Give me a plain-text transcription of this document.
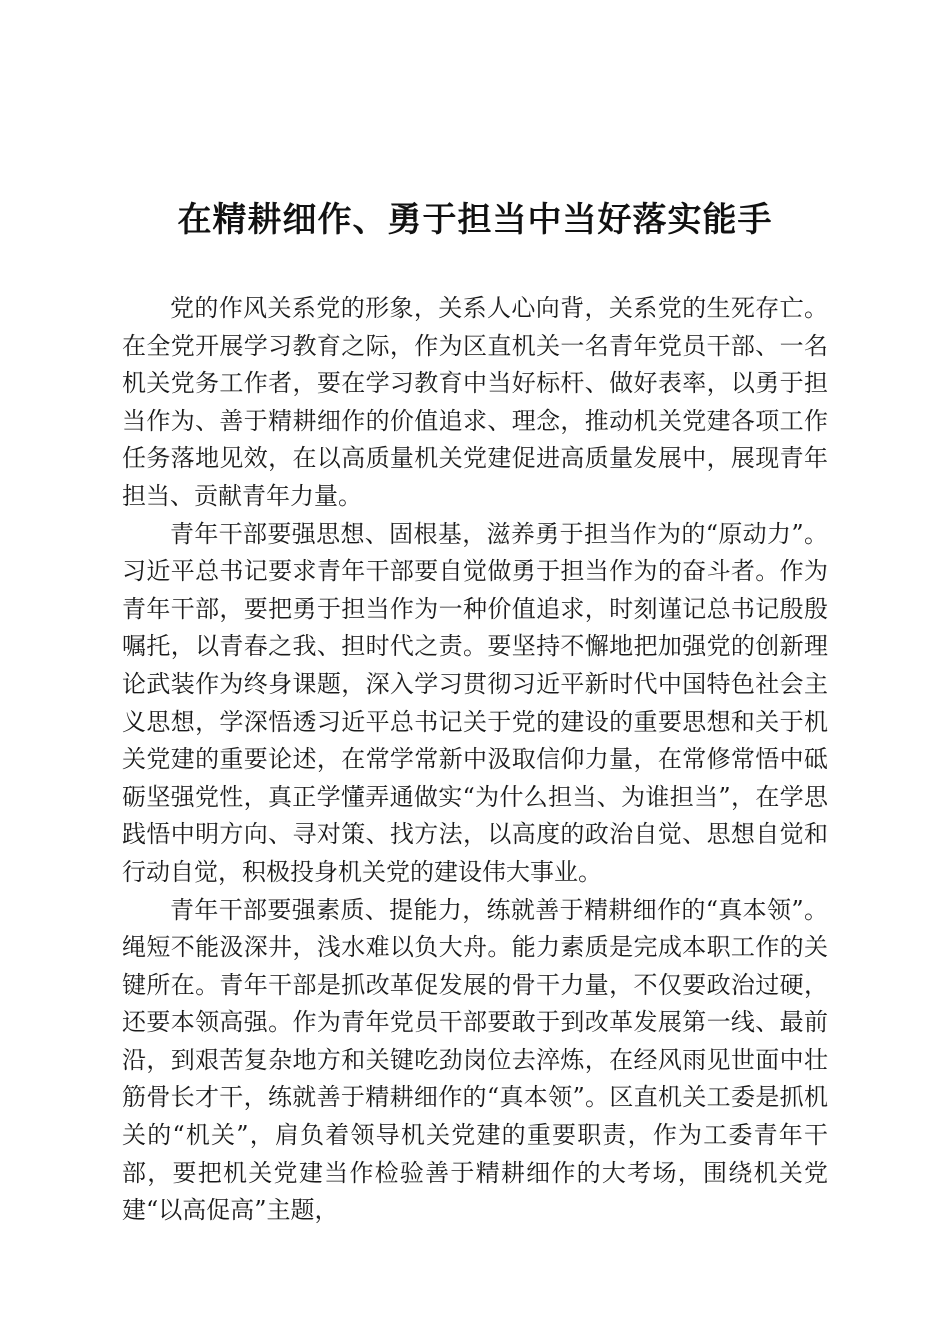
在精耕细作、勇于担当中当好落实能手

党的作风关系党的形象，关系人心向背，关系党的生死存亡。在全党开展学习教育之际，作为区直机关一名青年党员干部、一名机关党务工作者，要在学习教育中当好标杆、做好表率，以勇于担当作为、善于精耕细作的价值追求、理念，推动机关党建各项工作任务落地见效，在以高质量机关党建促进高质量发展中，展现青年担当、贡献青年力量。

青年干部要强思想、固根基，滋养勇于担当作为的“原动力”。习近平总书记要求青年干部要自觉做勇于担当作为的奋斗者。作为青年干部，要把勇于担当作为一种价值追求，时刻谨记总书记殷殷嘱托，以青春之我、担时代之责。要坚持不懈地把加强党的创新理论武装作为终身课题，深入学习贯彻习近平新时代中国特色社会主义思想，学深悟透习近平总书记关于党的建设的重要思想和关于机关党建的重要论述，在常学常新中汲取信仰力量，在常修常悟中砥砺坚强党性，真正学懂弄通做实“为什么担当、为谁担当”，在学思践悟中明方向、寻对策、找方法，以高度的政治自觉、思想自觉和行动自觉，积极投身机关党的建设伟大事业。

青年干部要强素质、提能力，练就善于精耕细作的“真本领”。绳短不能汲深井，浅水难以负大舟。能力素质是完成本职工作的关键所在。青年干部是抓改革促发展的骨干力量，不仅要政治过硬，还要本领高强。作为青年党员干部要敢于到改革发展第一线、最前沿，到艰苦复杂地方和关键吃劲岗位去淬炼，在经风雨见世面中壮筋骨长才干，练就善于精耕细作的“真本领”。区直机关工委是抓机关的“机关”，肩负着领导机关党建的重要职责，作为工委青年干部，要把机关党建当作检验善于精耕细作的大考场，围绕机关党建“以高促高”主题，
